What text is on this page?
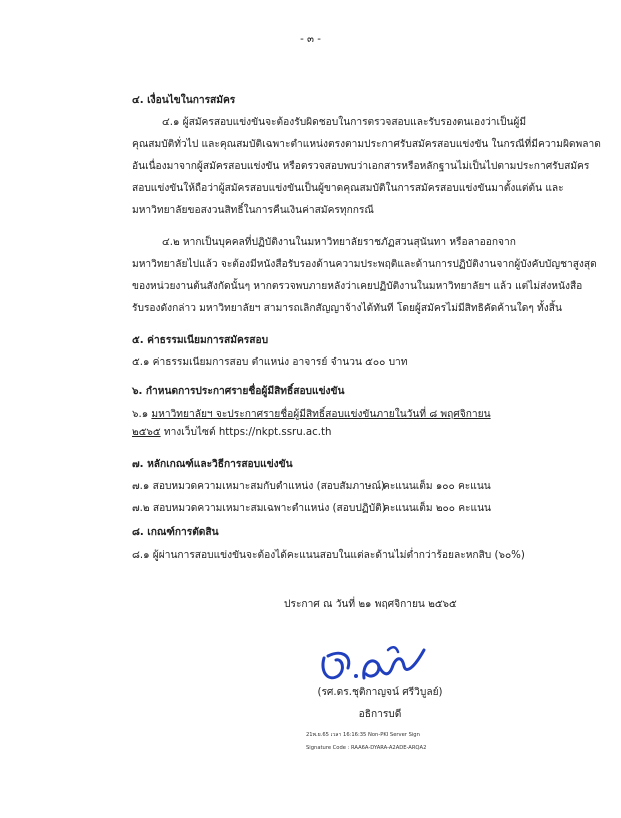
- ๓ -
๔. เงื่อนไขในการสมัคร
๔.๑ ผู้สมัครสอบแข่งขันจะต้องรับผิดชอบในการตรวจสอบและรับรองตนเองว่าเป็นผู้มี
คุณสมบัติทั่วไป และคุณสมบัติเฉพาะตำแหน่งตรงตามประกาศรับสมัครสอบแข่งขัน ในกรณีที่มีความผิดพลาด
อันเนื่องมาจากผู้สมัครสอบแข่งขัน หรือตรวจสอบพบว่าเอกสารหรือหลักฐานไม่เป็นไปตามประกาศรับสมัคร
สอบแข่งขันให้ถือว่าผู้สมัครสอบแข่งขันเป็นผู้ขาดคุณสมบัติในการสมัครสอบแข่งขันมาตั้งแต่ต้น และ
มหาวิทยาลัยขอสงวนสิทธิ์ในการคืนเงินค่าสมัครทุกกรณี
๔.๒ หากเป็นบุคคลที่ปฏิบัติงานในมหาวิทยาลัยราชภัฏสวนสุนันทา หรือลาออกจาก
มหาวิทยาลัยไปแล้ว จะต้องมีหนังสือรับรองด้านความประพฤติและด้านการปฏิบัติงานจากผู้บังคับบัญชาสูงสุด
ของหน่วยงานต้นสังกัดนั้นๆ หากตรวจพบภายหลังว่าเคยปฏิบัติงานในมหาวิทยาลัยฯ แล้ว แต่ไม่ส่งหนังสือ
รับรองดังกล่าว มหาวิทยาลัยฯ สามารถเลิกสัญญาจ้างได้ทันที โดยผู้สมัครไม่มีสิทธิคัดค้านใดๆ ทั้งสิ้น
๕. ค่าธรรมเนียมการสมัครสอบ
๕.๑ ค่าธรรมเนียมการสอบ ตำแหน่ง อาจารย์ จำนวน ๕๐๐ บาท
๖. กำหนดการประกาศรายชื่อผู้มีสิทธิ์สอบแข่งขัน
๖.๑ มหาวิทยาลัยฯ จะประกาศรายชื่อผู้มีสิทธิ์สอบแข่งขันภายในวันที่ ๘ พฤศจิกายน
๒๕๖๕ ทางเว็บไซต์ https://nkpt.ssru.ac.th
๗. หลักเกณฑ์และวิธีการสอบแข่งขัน
๗.๑ สอบหมวดความเหมาะสมกับตำแหน่ง (สอบสัมภาษณ์)
คะแนนเต็ม ๑๐๐ คะแนน
๗.๒ สอบหมวดความเหมาะสมเฉพาะตำแหน่ง (สอบปฏิบัติ)
คะแนนเต็ม ๒๐๐ คะแนน
๘. เกณฑ์การตัดสิน
๘.๑ ผู้ผ่านการสอบแข่งขันจะต้องได้คะแนนสอบในแต่ละด้านไม่ต่ำกว่าร้อยละหกสิบ (๖๐%)
ประกาศ ณ วันที่ ๒๑ พฤศจิกายน ๒๕๖๕
(รศ.ดร.ชุติกาญจน์ ศรีวิบูลย์)
อธิการบดี
21พ.ย.65 เวลา 16:16:35 Non-PKI Server Sign
Signature Code : RAA6A-DYARA-A2ADE-ARQA2
